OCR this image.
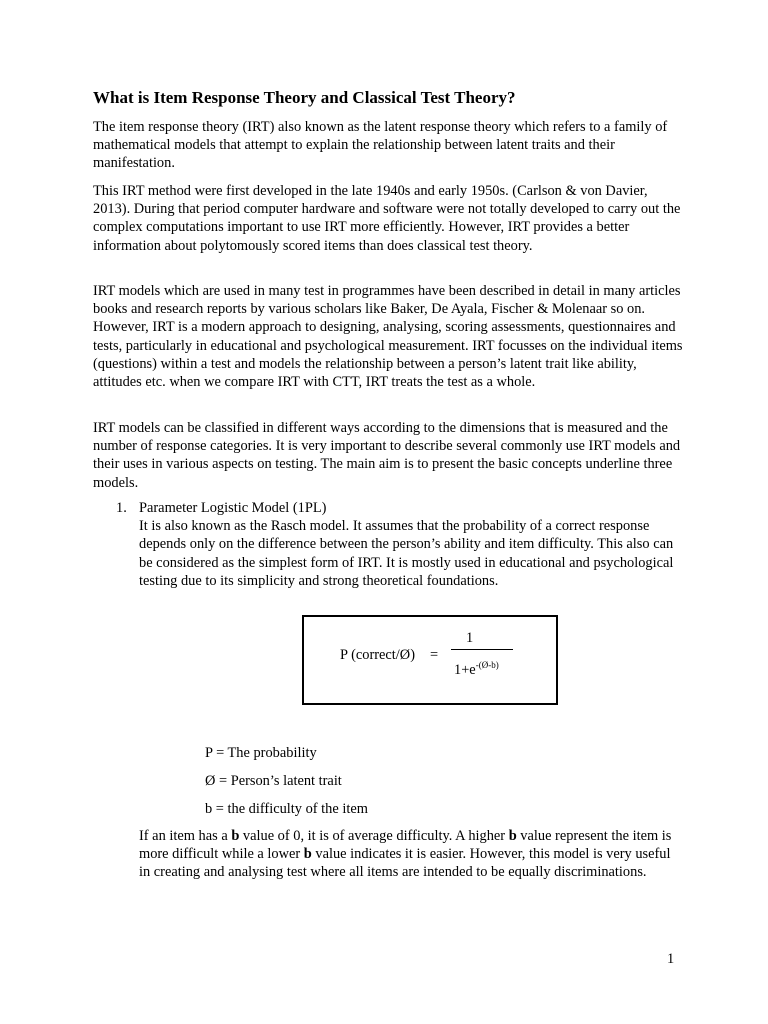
What is Item Response Theory and Classical Test Theory?

The item response theory (IRT) also known as the latent response theory which refers to a family of mathematical models that attempt to explain the relationship between latent traits and their manifestation.

This IRT method were first developed in the late 1940s and early 1950s. (Carlson & von Davier, 2013). During that period computer hardware and software were not totally developed to carry out the complex computations important to use IRT more efficiently. However, IRT provides a better information about polytomously scored items than does classical test theory.

IRT models which are used in many test in programmes have been described in detail in many articles books and research reports by various scholars like Baker, De Ayala, Fischer & Molenaar so on. However, IRT is a modern approach to designing, analysing, scoring assessments, questionnaires and tests, particularly in educational and psychological measurement. IRT focusses on the individual items (questions) within a test and models the relationship between a person’s latent trait like ability, attitudes etc. when we compare IRT with CTT, IRT treats the test as a whole.

IRT models can be classified in different ways according to the dimensions that is measured and the number of response categories. It is very important to describe several commonly use IRT models and their uses in various aspects on testing. The main aim is to present the basic concepts underline three models.

1. Parameter Logistic Model (1PL)

It is also known as the Rasch model. It assumes that the probability of a correct response depends only on the difference between the person’s ability and item difficulty. This also can be considered as the simplest form of IRT. It is mostly used in educational and psychological testing due to its simplicity and strong theoretical foundations.

P (correct/Ø) =
1
$1+e^{-(Ø-b)}$

P = The probability

Ø = Person’s latent trait

b = the difficulty of the item

If an item has a b value of 0, it is of average difficulty. A higher b value represent the item is more difficult while a lower b value indicates it is easier. However, this model is very useful in creating and analysing test where all items are intended to be equally discriminations.

1
